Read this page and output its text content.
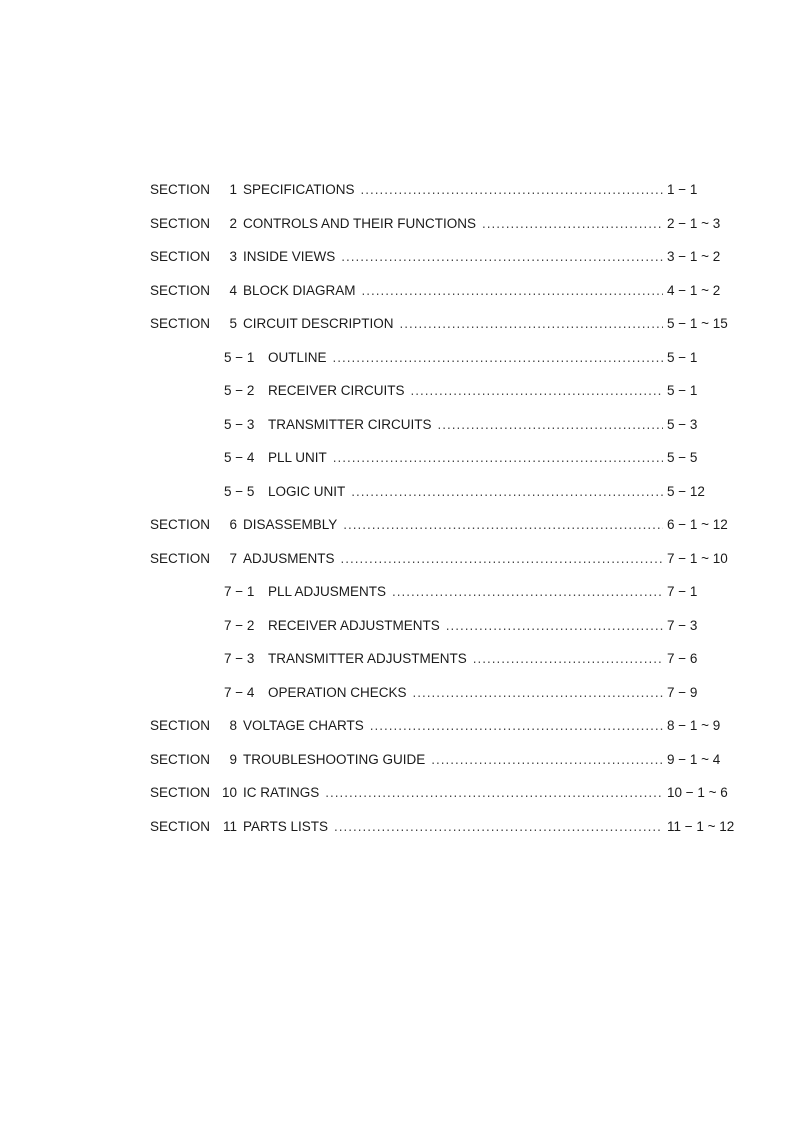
SECTION	1 SPECIFICATIONS .....	1 − 1
SECTION	2 CONTROLS AND THEIR FUNCTIONS .....	2 − 1 ~ 3
SECTION	3 INSIDE VIEWS .....	3 − 1 ~ 2
SECTION	4 BLOCK DIAGRAM .....	4 − 1 ~ 2
SECTION	5 CIRCUIT DESCRIPTION .....	5 − 1 ~ 15
5 − 1	OUTLINE .....	5 − 1
5 − 2	RECEIVER CIRCUITS .....	5 − 1
5 − 3	TRANSMITTER CIRCUITS .....	5 − 3
5 − 4	PLL UNIT .....	5 − 5
5 − 5	LOGIC UNIT .....	5 − 12
SECTION	6 DISASSEMBLY .....	6 − 1 ~ 12
SECTION	7 ADJUSMENTS .....	7 − 1 ~ 10
7 − 1	PLL ADJUSMENTS .....	7 − 1
7 − 2	RECEIVER ADJUSTMENTS .....	7 − 3
7 − 3	TRANSMITTER ADJUSTMENTS .....	7 − 6
7 − 4	OPERATION CHECKS .....	7 − 9
SECTION	8 VOLTAGE CHARTS .....	8 − 1 ~ 9
SECTION	9 TROUBLESHOOTING GUIDE .....	9 − 1 ~ 4
SECTION 10 IC RATINGS .....	10 − 1 ~ 6
SECTION 11 PARTS LISTS .....	11 − 1 ~ 12
